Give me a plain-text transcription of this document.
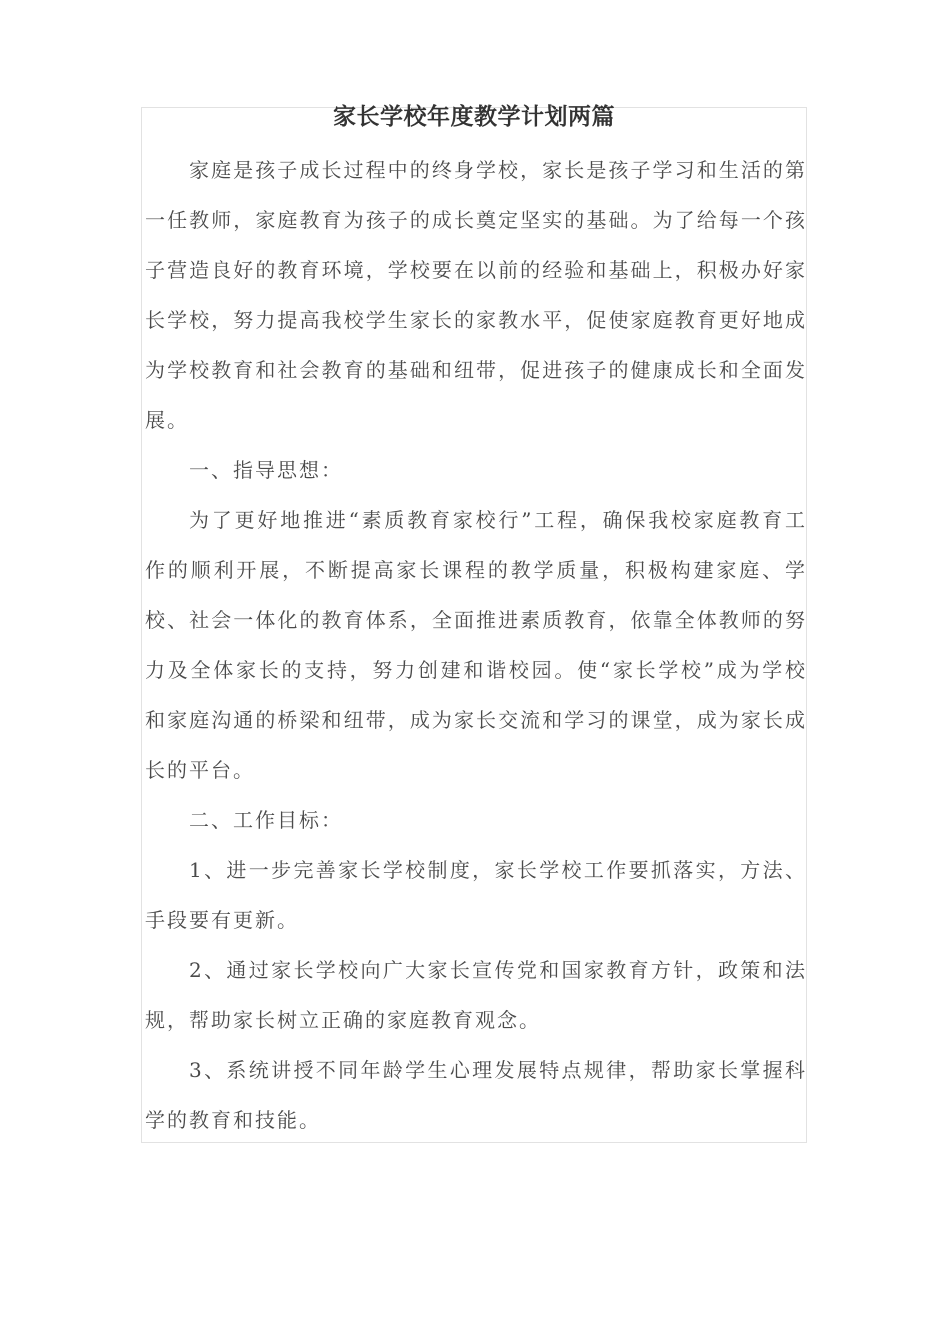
家长学校年度教学计划两篇

家庭是孩子成长过程中的终身学校，家长是孩子学习和生活的第一任教师，家庭教育为孩子的成长奠定坚实的基础。为了给每一个孩子营造良好的教育环境，学校要在以前的经验和基础上，积极办好家长学校，努力提高我校学生家长的家教水平，促使家庭教育更好地成为学校教育和社会教育的基础和纽带，促进孩子的健康成长和全面发展。

一、指导思想：

为了更好地推进“素质教育家校行”工程，确保我校家庭教育工作的顺利开展，不断提高家长课程的教学质量，积极构建家庭、学校、社会一体化的教育体系，全面推进素质教育，依靠全体教师的努力及全体家长的支持，努力创建和谐校园。使“家长学校”成为学校和家庭沟通的桥梁和纽带，成为家长交流和学习的课堂，成为家长成长的平台。

二、工作目标：

1、进一步完善家长学校制度，家长学校工作要抓落实，方法、手段要有更新。

2、通过家长学校向广大家长宣传党和国家教育方针，政策和法规，帮助家长树立正确的家庭教育观念。

3、系统讲授不同年龄学生心理发展特点规律，帮助家长掌握科学的教育和技能。
